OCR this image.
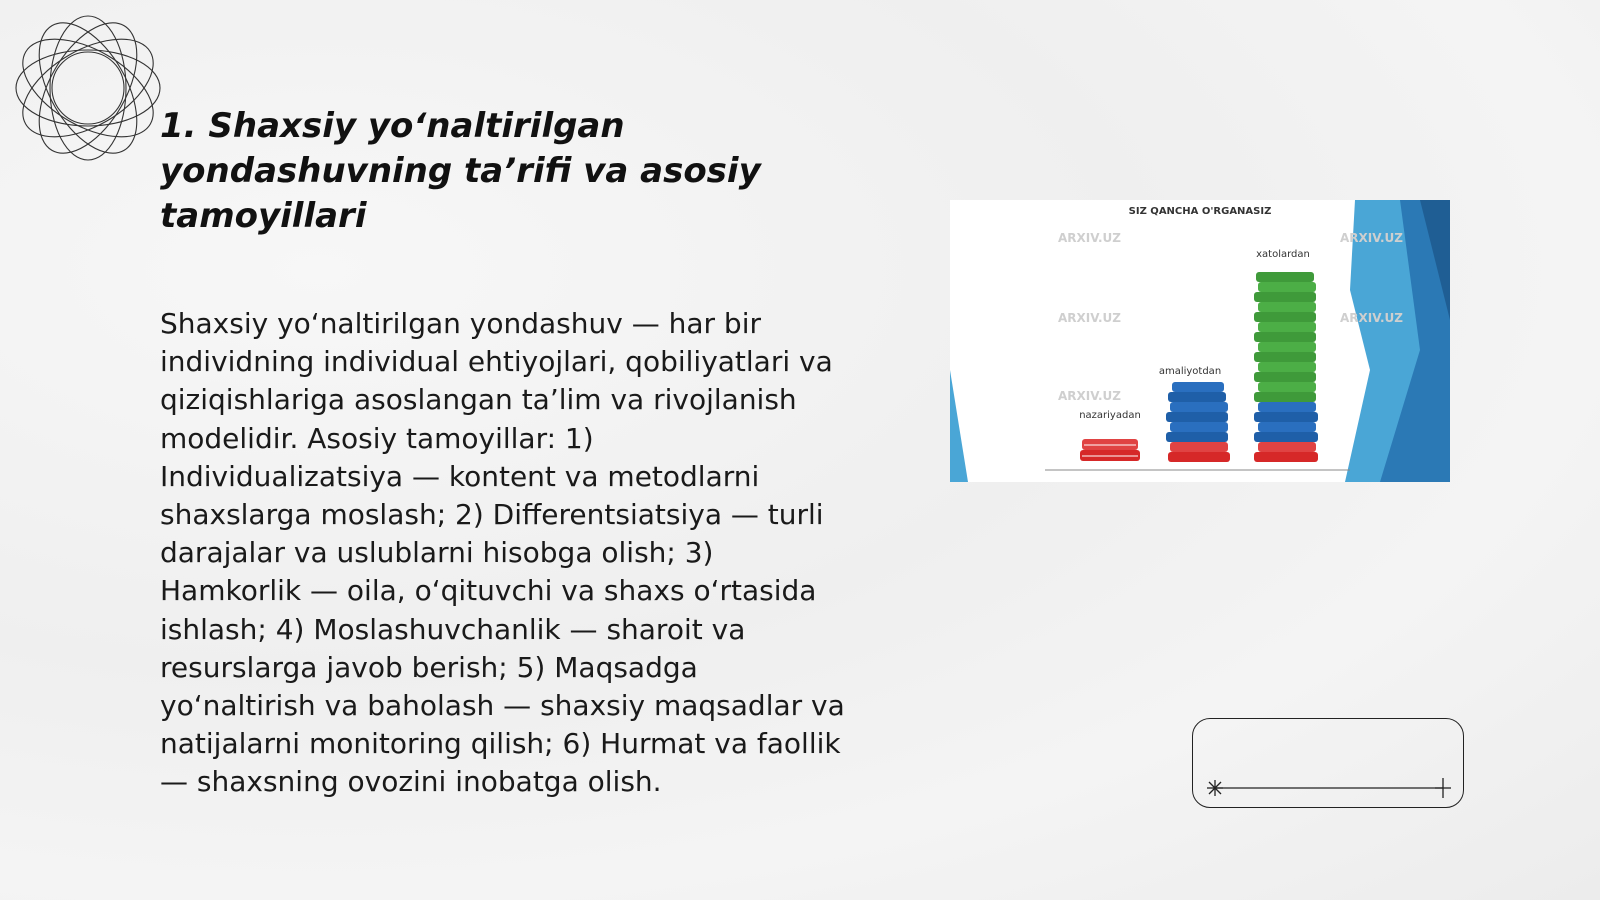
1. Shaxsiy yo‘naltirilgan yondashuvning ta’rifi va asosiy tamoyillari
Shaxsiy yo‘naltirilgan yondashuv — har bir individning individual ehtiyojlari, qobiliyatlari va qiziqishlariga asoslangan ta’lim va rivojlanish modelidir. Asosiy tamoyillar: 1) Individualizatsiya — kontent va metodlarni shaxslarga moslash; 2) Differentsiatsiya — turli darajalar va uslublarni hisobga olish; 3) Hamkorlik — oila, o‘qituvchi va shaxs o‘rtasida ishlash; 4) Moslashuvchanlik — sharoit va resurslarga javob berish; 5) Maqsadga yo‘naltirish va baholash — shaxsiy maqsadlar va natijalarni monitoring qilish; 6) Hurmat va faollik — shaxsning ovozini inobatga olish.
SIZ QANCHA O'RGANASIZ
ARXIV.UZ
ARXIV.UZ
ARXIV.UZ
ARXIV.UZ
ARXIV.UZ
nazariyadan
amaliyotdan
xatolardan
